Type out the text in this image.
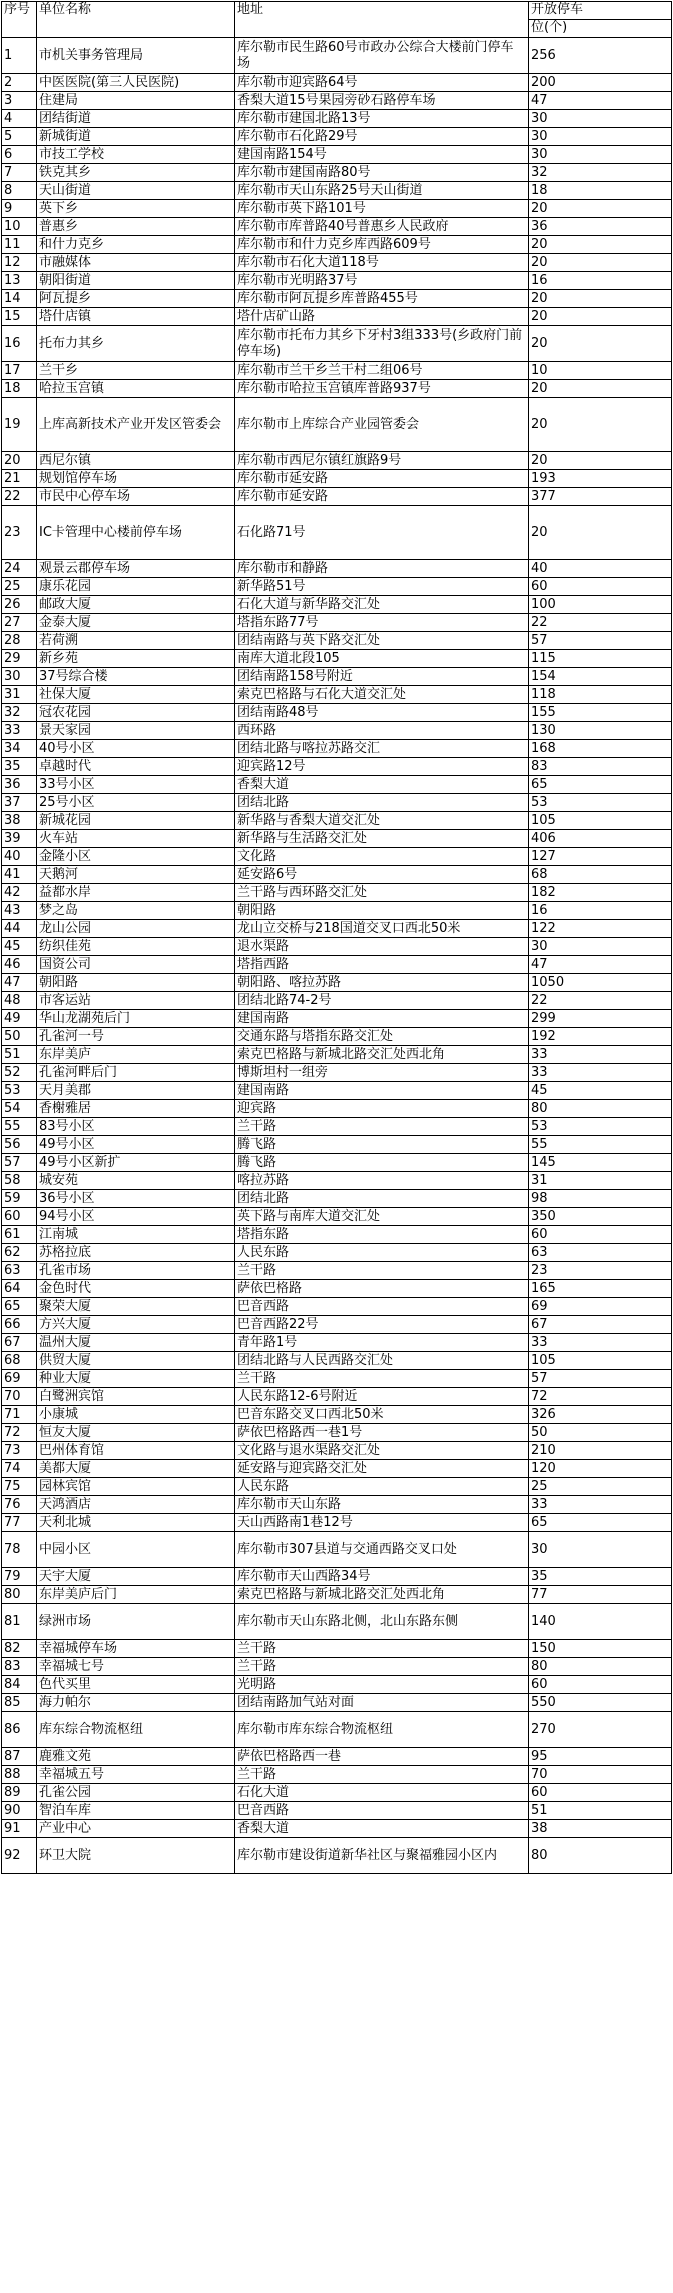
序号	单位名称	地址	开放停车
位(个)

1	市机关事务管理局	库尔勒市民生路60号市政办公综合大楼前门停车场	256
2	中医医院(第三人民医院)	库尔勒市迎宾路64号	200
3	住建局	香梨大道15号果园旁砂石路停车场	47
4	团结街道	库尔勒市建国北路13号	30
5	新城街道	库尔勒市石化路29号	30
6	市技工学校	建国南路154号	30
7	铁克其乡	库尔勒市建国南路80号	32
8	天山街道	库尔勒市天山东路25号天山街道	18
9	英下乡	库尔勒市英下路101号	20
10	普惠乡	库尔勒市库普路40号普惠乡人民政府	36
11	和什力克乡	库尔勒市和什力克乡库西路609号	20
12	市融媒体	库尔勒市石化大道118号	20
13	朝阳街道	库尔勒市光明路37号	16
14	阿瓦提乡	库尔勒市阿瓦提乡库普路455号	20
15	塔什店镇	塔什店矿山路	20
16	托布力其乡	库尔勒市托布力其乡下牙村3组333号(乡政府门前停车场)	20
17	兰干乡	库尔勒市兰干乡兰干村二组06号	10
18	哈拉玉宫镇	库尔勒市哈拉玉宫镇库普路937号	20
19	上库高新技术产业开发区管委会	库尔勒市上库综合产业园管委会	20
20	西尼尔镇	库尔勒市西尼尔镇红旗路9号	20
21	规划馆停车场	库尔勒市延安路	193
22	市民中心停车场	库尔勒市延安路	377
23	IC卡管理中心楼前停车场	石化路71号	20
24	观景云郡停车场	库尔勒市和静路	40
25	康乐花园	新华路51号	60
26	邮政大厦	石化大道与新华路交汇处	100
27	金泰大厦	塔指东路77号	22
28	若荷溯	团结南路与英下路交汇处	57
29	新乡苑	南库大道北段105	115
30	37号综合楼	团结南路158号附近	154
31	社保大厦	索克巴格路与石化大道交汇处	118
32	冠农花园	团结南路48号	155
33	景天家园	西环路	130
34	40号小区	团结北路与喀拉苏路交汇	168
35	卓越时代	迎宾路12号	83
36	33号小区	香梨大道	65
37	25号小区	团结北路	53
38	新城花园	新华路与香梨大道交汇处	105
39	火车站	新华路与生活路交汇处	406
40	金隆小区	文化路	127
41	天鹅河	延安路6号	68
42	益都水岸	兰干路与西环路交汇处	182
43	梦之岛	朝阳路	16
44	龙山公园	龙山立交桥与218国道交叉口西北50米	122
45	纺织佳苑	退水渠路	30
46	国资公司	塔指西路	47
47	朝阳路	朝阳路、喀拉苏路	1050
48	市客运站	团结北路74-2号	22
49	华山龙湖苑后门	建国南路	299
50	孔雀河一号	交通东路与塔指东路交汇处	192
51	东岸美庐	索克巴格路与新城北路交汇处西北角	33
52	孔雀河畔后门	博斯坦村一组旁	33
53	天月美郡	建国南路	45
54	香榭雅居	迎宾路	80
55	83号小区	兰干路	53
56	49号小区	腾飞路	55
57	49号小区新扩	腾飞路	145
58	城安苑	喀拉苏路	31
59	36号小区	团结北路	98
60	94号小区	英下路与南库大道交汇处	350
61	江南城	塔指东路	60
62	苏格拉底	人民东路	63
63	孔雀市场	兰干路	23
64	金色时代	萨依巴格路	165
65	聚荣大厦	巴音西路	69
66	方兴大厦	巴音西路22号	67
67	温州大厦	青年路1号	33
68	供贸大厦	团结北路与人民西路交汇处	105
69	种业大厦	兰干路	57
70	白鹭洲宾馆	人民东路12-6号附近	72
71	小康城	巴音东路交叉口西北50米	326
72	恒友大厦	萨依巴格路西一巷1号	50
73	巴州体育馆	文化路与退水渠路交汇处	210
74	美都大厦	延安路与迎宾路交汇处	120
75	园林宾馆	人民东路	25
76	天鸿酒店	库尔勒市天山东路	33
77	天利北城	天山西路南1巷12号	65
78	中园小区	库尔勒市307县道与交通西路交叉口处	30
79	天宇大厦	库尔勒市天山西路34号	35
80	东岸美庐后门	索克巴格路与新城北路交汇处西北角	77
81	绿洲市场	库尔勒市天山东路北侧，北山东路东侧	140
82	幸福城停车场	兰干路	150
83	幸福城七号	兰干路	80
84	色代买里	光明路	60
85	海力帕尔	团结南路加气站对面	550
86	库东综合物流枢纽	库尔勒市库东综合物流枢纽	270
87	鹿雅文苑	萨依巴格路西一巷	95
88	幸福城五号	兰干路	70
89	孔雀公园	石化大道	60
90	智泊车库	巴音西路	51
91	产业中心	香梨大道	38
92	环卫大院	库尔勒市建设街道新华社区与聚福雅园小区内	80
